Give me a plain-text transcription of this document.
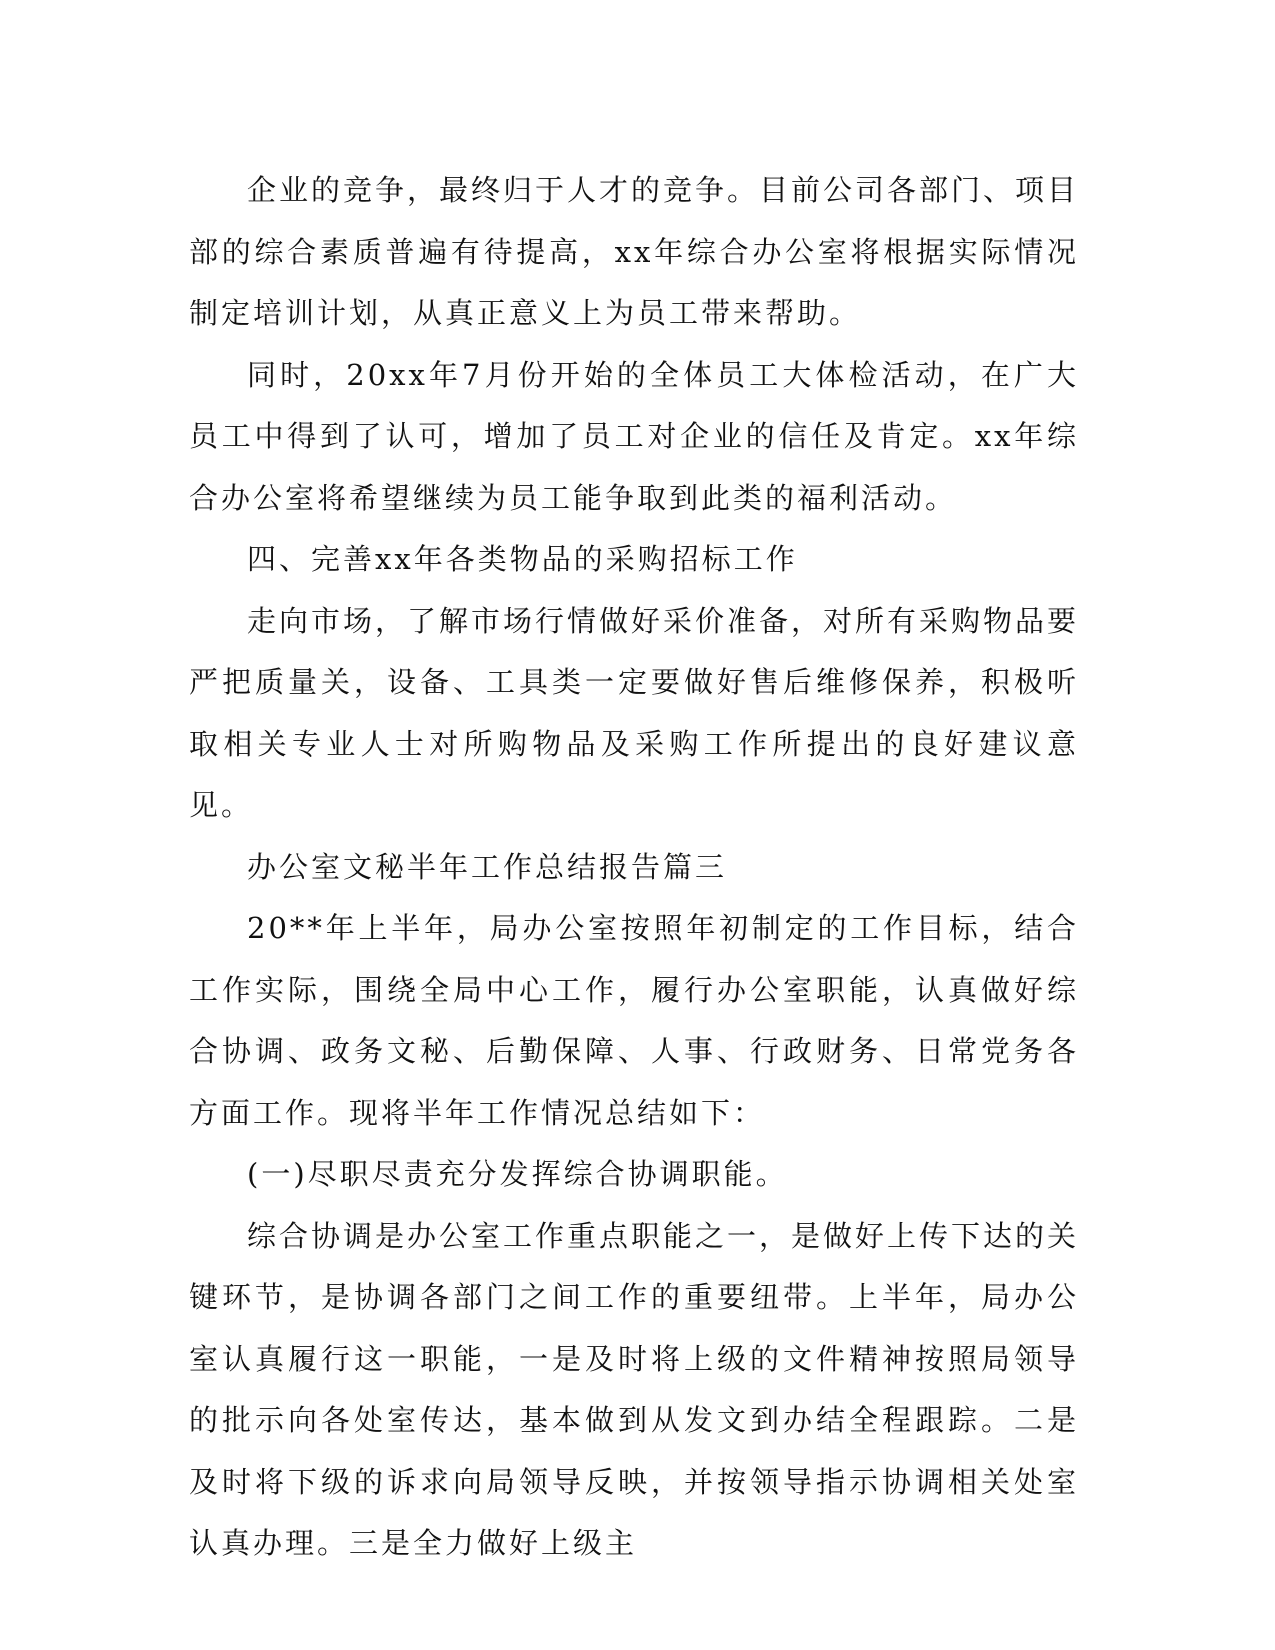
企业的竞争，最终归于人才的竞争。目前公司各部门、项目部的综合素质普遍有待提高，xx年综合办公室将根据实际情况制定培训计划，从真正意义上为员工带来帮助。

同时，20xx年7月份开始的全体员工大体检活动，在广大员工中得到了认可，增加了员工对企业的信任及肯定。xx年综合办公室将希望继续为员工能争取到此类的福利活动。

四、完善xx年各类物品的采购招标工作

走向市场，了解市场行情做好采价准备，对所有采购物品要严把质量关，设备、工具类一定要做好售后维修保养，积极听取相关专业人士对所购物品及采购工作所提出的良好建议意见。

办公室文秘半年工作总结报告篇三

20**年上半年，局办公室按照年初制定的工作目标，结合工作实际，围绕全局中心工作，履行办公室职能，认真做好综合协调、政务文秘、后勤保障、人事、行政财务、日常党务各方面工作。现将半年工作情况总结如下：

(一)尽职尽责充分发挥综合协调职能。

综合协调是办公室工作重点职能之一，是做好上传下达的关键环节，是协调各部门之间工作的重要纽带。上半年，局办公室认真履行这一职能，一是及时将上级的文件精神按照局领导的批示向各处室传达，基本做到从发文到办结全程跟踪。二是及时将下级的诉求向局领导反映，并按领导指示协调相关处室认真办理。三是全力做好上级主
